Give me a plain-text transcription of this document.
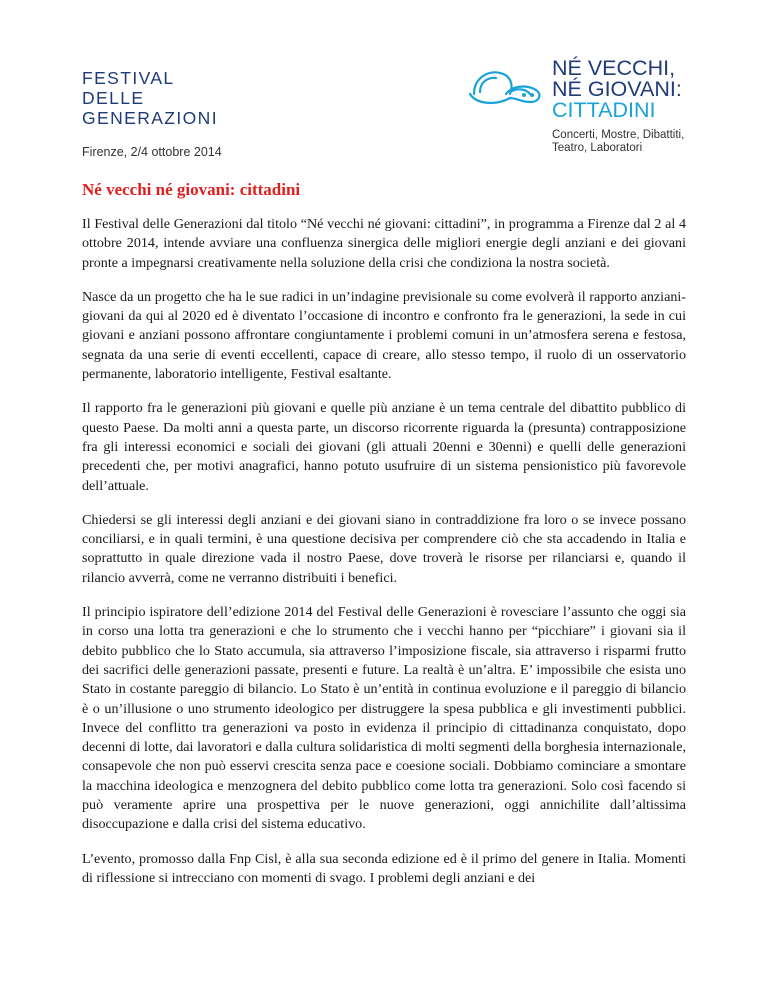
FESTIVAL
DELLE
GENERAZIONI
Firenze, 2/4 ottobre 2014
NÉ VECCHI,
NÉ GIOVANI:
CITTADINI
Concerti, Mostre, Dibattiti,
Teatro, Laboratori
Né vecchi né giovani: cittadini

Il Festival delle Generazioni dal titolo “Né vecchi né giovani: cittadini”, in programma a Firenze dal 2 al 4 ottobre 2014, intende avviare una confluenza sinergica delle migliori energie degli anziani e dei giovani pronte a impegnarsi creativamente nella soluzione della crisi che condiziona la nostra società.

Nasce da un progetto che ha le sue radici in un’indagine previsionale su come evolverà il rapporto anziani-giovani da qui al 2020 ed è diventato l’occasione di incontro e confronto fra le generazioni, la sede in cui giovani e anziani possono affrontare congiuntamente i problemi comuni in un’atmosfera serena e festosa, segnata da una serie di eventi eccellenti, capace di creare, allo stesso tempo, il ruolo di un osservatorio permanente, laboratorio intelligente, Festival esaltante.

Il rapporto fra le generazioni più giovani e quelle più anziane è un tema centrale del dibattito pubblico di questo Paese. Da molti anni a questa parte, un discorso ricorrente riguarda la (presunta) contrapposizione fra gli interessi economici e sociali dei giovani (gli attuali 20enni e 30enni) e quelli delle generazioni precedenti che, per motivi anagrafici, hanno potuto usufruire di un sistema pensionistico più favorevole dell’attuale.

Chiedersi se gli interessi degli anziani e dei giovani siano in contraddizione fra loro o se invece possano conciliarsi, e in quali termini, è una questione decisiva per comprendere ciò che sta accadendo in Italia e soprattutto in quale direzione vada il nostro Paese, dove troverà le risorse per rilanciarsi e, quando il rilancio avverrà, come ne verranno distribuiti i benefici.

Il principio ispiratore dell’edizione 2014 del Festival delle Generazioni è rovesciare l’assunto che oggi sia in corso una lotta tra generazioni e che lo strumento che i vecchi hanno per “picchiare” i giovani sia il debito pubblico che lo Stato accumula, sia attraverso l’imposizione fiscale, sia attraverso i risparmi frutto dei sacrifici delle generazioni passate, presenti e future. La realtà è un’altra. E’ impossibile che esista uno Stato in costante pareggio di bilancio. Lo Stato è un’entità in continua evoluzione e il pareggio di bilancio è o un’illusione o uno strumento ideologico per distruggere la spesa pubblica e gli investimenti pubblici. Invece del conflitto tra generazioni va posto in evidenza il principio di cittadinanza conquistato, dopo decenni di lotte, dai lavoratori e dalla cultura solidaristica di molti segmenti della borghesia internazionale, consapevole che non può esservi crescita senza pace e coesione sociali. Dobbiamo cominciare a smontare la macchina ideologica e menzognera del debito pubblico come lotta tra generazioni. Solo così facendo si può veramente aprire una prospettiva per le nuove generazioni, oggi annichilite dall’altissima disoccupazione e dalla crisi del sistema educativo.

L’evento, promosso dalla Fnp Cisl, è alla sua seconda edizione ed è il primo del genere in Italia. Momenti di riflessione si intrecciano con momenti di svago. I problemi degli anziani e dei
